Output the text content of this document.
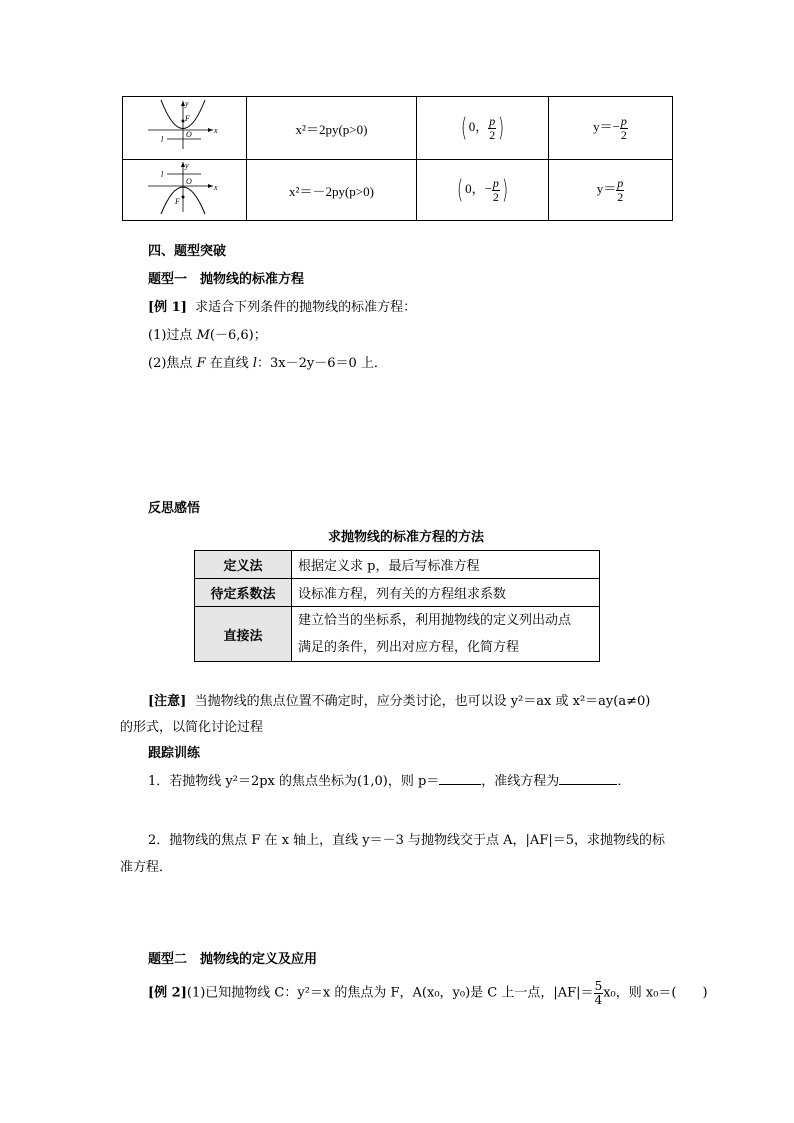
y
F
O x
l	x²＝2py(p>0)	( 0， $\frac{p}{2}$ )	$y=- \frac{p}{2}$

y
O
F
x
l	x²＝－2py(p>0)	( 0，− $\frac{p}{2}$ )	$y= \frac{p}{2}$
四、题型突破
题型一　抛物线的标准方程
[例 1] 求适合下列条件的抛物线的标准方程：
(1)过点 M(－6,6)；
(2)焦点 F 在直线 l：3x－2y－6＝0 上．
反思感悟
求抛物线的标准方程的方法
定义法	根据定义求 p，最后写标准方程
待定系数法	设标准方程，列有关的方程组求系数
直接法	建立恰当的坐标系，利用抛物线的定义列出动点
满足的条件，列出对应方程，化简方程
[注意] 当抛物线的焦点位置不确定时，应分类讨论，也可以设 y²＝ax 或 x²＝ay(a≠0)
的形式，以简化讨论过程
跟踪训练
1．若抛物线 y²＝2px 的焦点坐标为(1,0)，则 p＝	，准线方程为	．
2．抛物线的焦点 F 在 x 轴上，直线 y＝－3 与抛物线交于点 A，|AF|＝5，求抛物线的标
准方程．
题型二　抛物线的定义及应用
[例 2](1)已知抛物线 C：y²＝x 的焦点为 F，A(x₀，y₀)是 C 上一点，$|AF|= \frac{5}{4} x_0$，则 x₀＝(　　)
